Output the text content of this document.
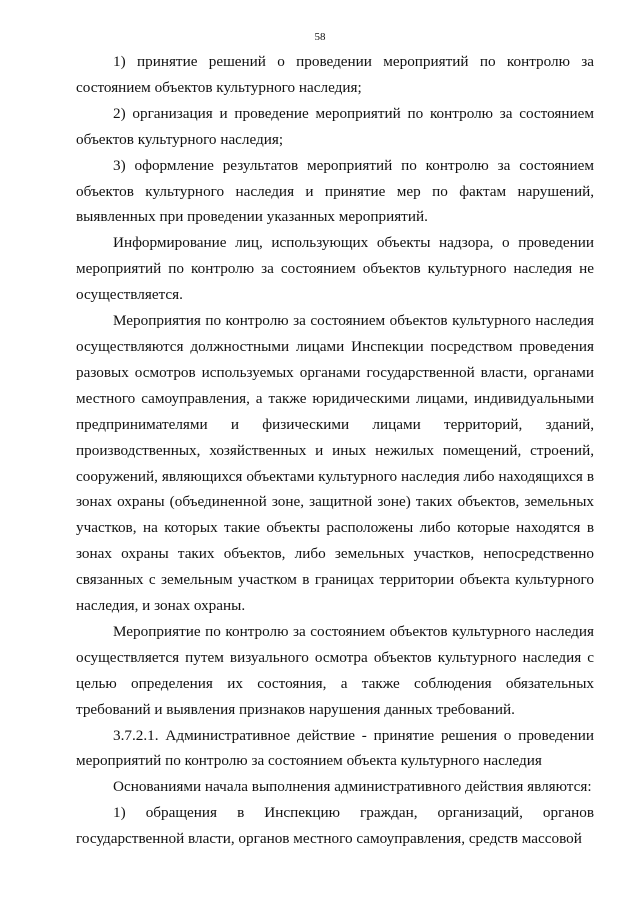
58

1) принятие решений о проведении мероприятий по контролю за состоянием объектов культурного наследия;

2) организация и проведение мероприятий по контролю за состоянием объектов культурного наследия;

3) оформление результатов мероприятий по контролю за состоянием объектов культурного наследия и принятие мер по фактам нарушений, выявленных при проведении указанных мероприятий.

Информирование лиц, использующих объекты надзора, о проведении мероприятий по контролю за состоянием объектов культурного наследия не осуществляется.

Мероприятия по контролю за состоянием объектов культурного наследия осуществляются должностными лицами Инспекции посредством проведения разовых осмотров используемых органами государственной власти, органами местного самоуправления, а также юридическими лицами, индивидуальными предпринимателями и физическими лицами территорий, зданий, производственных, хозяйственных и иных нежилых помещений, строений, сооружений, являющихся объектами культурного наследия либо находящихся в зонах охраны (объединенной зоне, защитной зоне) таких объектов, земельных участков, на которых такие объекты расположены либо которые находятся в зонах охраны таких объектов, либо земельных участков, непосредственно связанных с земельным участком в границах территории объекта культурного наследия, и зонах охраны.

Мероприятие по контролю за состоянием объектов культурного наследия осуществляется путем визуального осмотра объектов культурного наследия с целью определения их состояния, а также соблюдения обязательных требований и выявления признаков нарушения данных требований.

3.7.2.1. Административное действие - принятие решения о проведении мероприятий по контролю за состоянием объекта культурного наследия

Основаниями начала выполнения административного действия являются:

1) обращения в Инспекцию граждан, организаций, органов государственной власти, органов местного самоуправления, средств массовой
